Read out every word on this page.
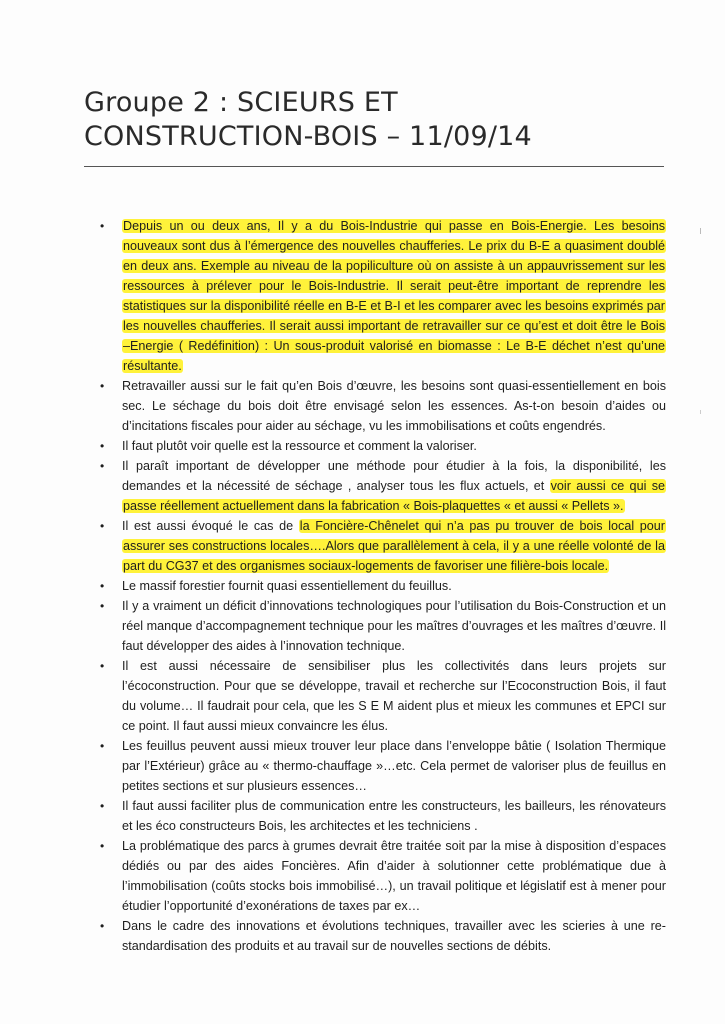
Groupe 2 : SCIEURS ET
CONSTRUCTION-BOIS – 11/09/14
• Depuis un ou deux ans, Il y a du Bois-Industrie qui passe en Bois-Energie. Les besoins nouveaux sont dus à l’émergence des nouvelles chaufferies. Le prix du B-E a quasiment doublé en deux ans. Exemple au niveau de la popiliculture où on assiste à un appauvrissement sur les ressources à prélever pour le Bois-Industrie. Il serait peut-être important de reprendre les statistiques sur la disponibilité réelle en B-E et B-I et les comparer avec les besoins exprimés par les nouvelles chaufferies. Il serait aussi important de retravailler sur ce qu’est et doit être le Bois –Energie ( Redéfinition) : Un sous-produit valorisé en biomasse : Le B-E déchet n’est qu’une résultante.
• Retravailler aussi sur le fait qu’en Bois d’œuvre, les besoins sont quasi-essentiellement en bois sec. Le séchage du bois doit être envisagé selon les essences. As-t-on besoin d’aides ou d’incitations fiscales pour aider au séchage, vu les immobilisations et coûts engendrés.
• Il faut plutôt voir quelle est la ressource et comment la valoriser.
• Il paraît important de développer une méthode pour étudier à la fois, la disponibilité, les demandes et la nécessité de séchage , analyser tous les flux actuels, et voir aussi ce qui se passe réellement actuellement dans la fabrication « Bois-plaquettes « et aussi « Pellets ».
• Il est aussi évoqué le cas de la Foncière-Chênelet qui n’a pas pu trouver de bois local pour assurer ses constructions locales….Alors que parallèlement à cela, il y a une réelle volonté de la part du CG37 et des organismes sociaux-logements de favoriser une filière-bois locale.
• Le massif forestier fournit quasi essentiellement du feuillus.
• Il y a vraiment un déficit d’innovations technologiques pour l’utilisation du Bois-Construction et un réel manque d’accompagnement technique pour les maîtres d’ouvrages et les maîtres d’œuvre. Il faut développer des aides à l’innovation technique.
• Il est aussi nécessaire de sensibiliser plus les collectivités dans leurs projets sur l’écoconstruction. Pour que se développe, travail et recherche sur l’Ecoconstruction Bois, il faut du volume… Il faudrait pour cela, que les S E M aident plus et mieux les communes et EPCI sur ce point. Il faut aussi mieux convaincre les élus.
• Les feuillus peuvent aussi mieux trouver leur place dans l’enveloppe bâtie ( Isolation Thermique par l’Extérieur) grâce au « thermo-chauffage »…etc. Cela permet de valoriser plus de feuillus en petites sections et sur plusieurs essences…
• Il faut aussi faciliter plus de communication entre les constructeurs, les bailleurs, les rénovateurs et les éco constructeurs Bois, les architectes et les techniciens .
• La problématique des parcs à grumes devrait être traitée soit par la mise à disposition d’espaces dédiés ou par des aides Foncières. Afin d’aider à solutionner cette problématique due à l’immobilisation (coûts stocks bois immobilisé…), un travail politique et législatif est à mener pour étudier l’opportunité d’exonérations de taxes par ex…
• Dans le cadre des innovations et évolutions techniques, travailler avec les scieries à une re-standardisation des produits et au travail sur de nouvelles sections de débits.
